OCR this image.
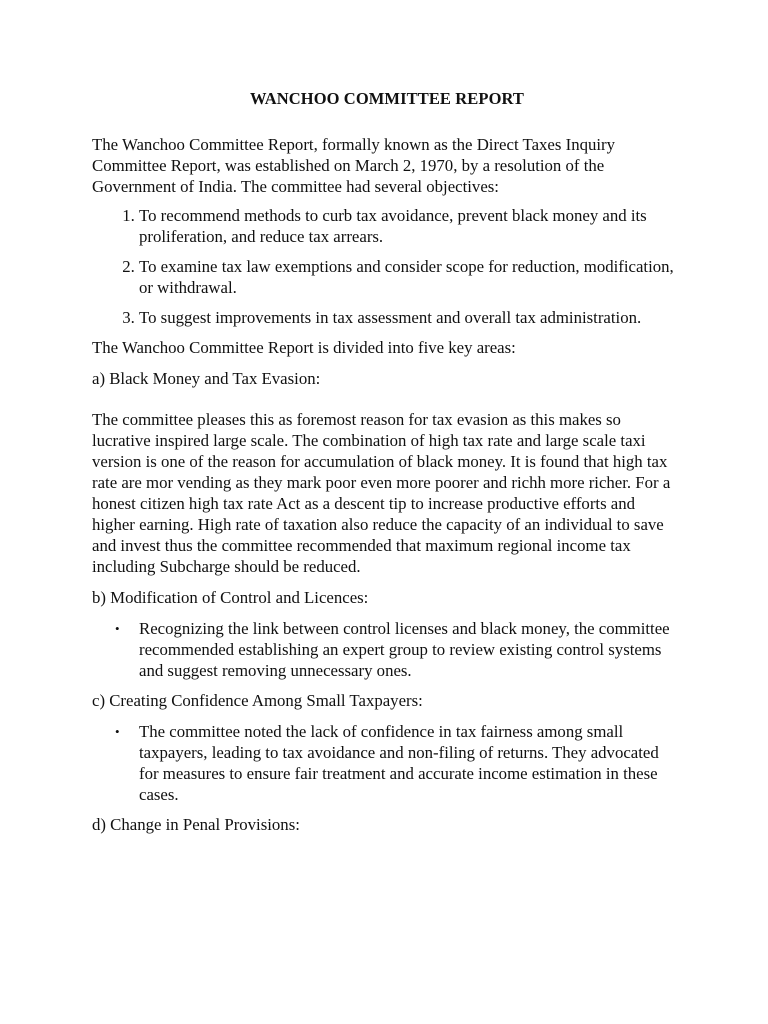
WANCHOO COMMITTEE REPORT

The Wanchoo Committee Report, formally known as the Direct Taxes Inquiry Committee Report, was established on March 2, 1970, by a resolution of the Government of India. The committee had several objectives:

1. To recommend methods to curb tax avoidance, prevent black money and its proliferation, and reduce tax arrears.
2. To examine tax law exemptions and consider scope for reduction, modification, or withdrawal.
3. To suggest improvements in tax assessment and overall tax administration.

The Wanchoo Committee Report is divided into five key areas:

a) Black Money and Tax Evasion:

The committee pleases this as foremost reason for tax evasion as this makes so lucrative inspired large scale. The combination of high tax rate and large scale taxi version is one of the reason for accumulation of black money. It is found that high tax rate are mor vending as they mark poor even more poorer and richh more richer. For a honest citizen high tax rate Act as a descent tip to increase productive efforts and higher earning. High rate of taxation also reduce the capacity of an individual to save and invest thus the committee recommended that maximum regional income tax including Subcharge should be reduced.

b) Modification of Control and Licences:

• Recognizing the link between control licenses and black money, the committee recommended establishing an expert group to review existing control systems and suggest removing unnecessary ones.

c) Creating Confidence Among Small Taxpayers:

• The committee noted the lack of confidence in tax fairness among small taxpayers, leading to tax avoidance and non-filing of returns. They advocated for measures to ensure fair treatment and accurate income estimation in these cases.

d) Change in Penal Provisions:
